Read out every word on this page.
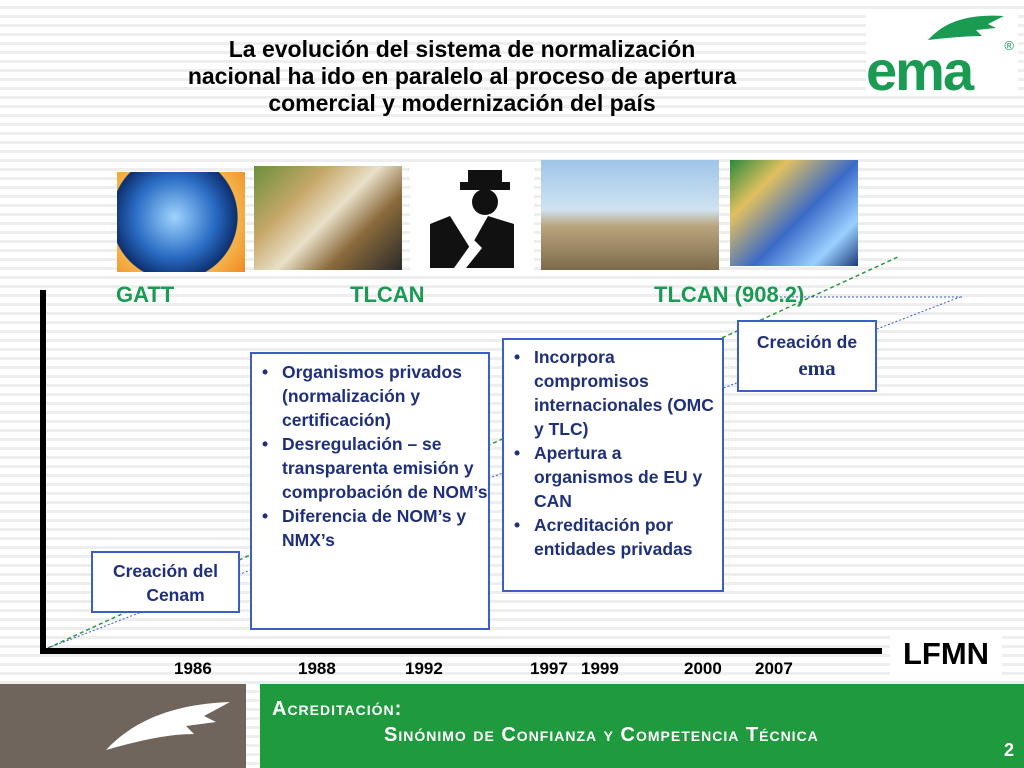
La evolución del sistema de normalización
nacional ha ido en paralelo al proceso de apertura
comercial y modernización del país
ema ®
GATT	TLCAN	TLCAN (908.2)
Creación del
Cenam
• Organismos privados (normalización y certificación)
• Desregulación – se transparenta emisión y comprobación de NOM’s
• Diferencia de NOM’s y NMX’s
• Incorpora compromisos internacionales (OMC y TLC)
• Apertura a organismos de EU y CAN
• Acreditación por entidades privadas
Creación de
ema
1986	1988	1992	1997 1999	2000 2007	LFMN
Acreditación:
Sinónimo de Confianza y Competencia Técnica
2
